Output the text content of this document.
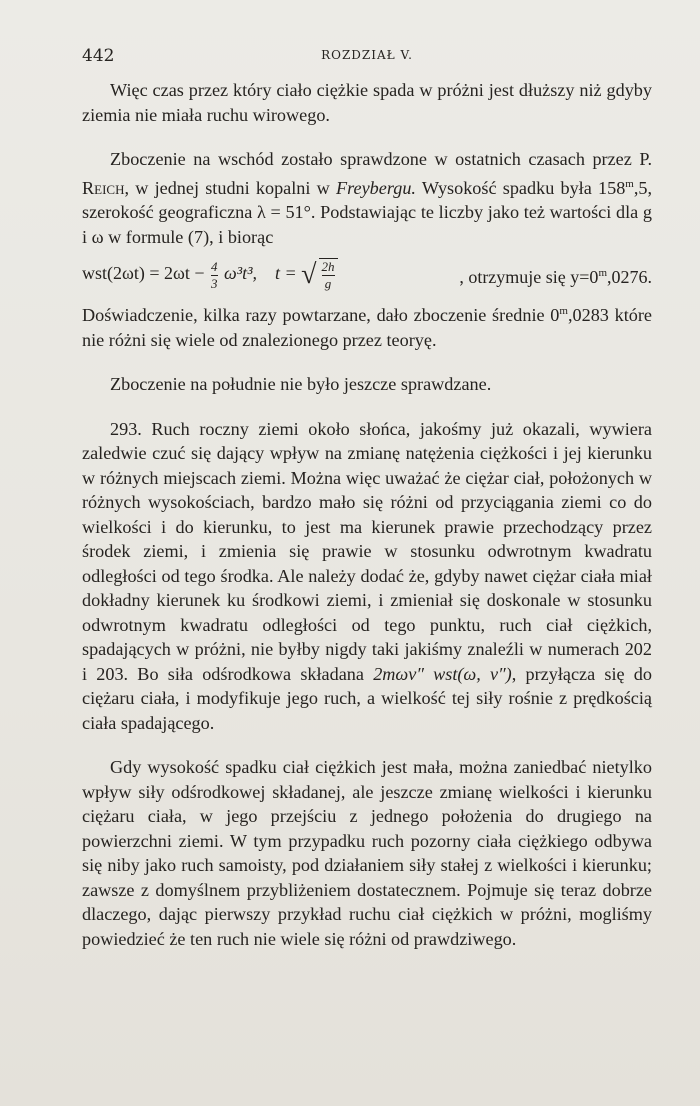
442	ROZDZIAŁ V.

Więc czas przez który ciało ciężkie spada w próżni jest dłuższy niż gdyby ziemia nie miała ruchu wirowego.

Zboczenie na wschód zostało sprawdzone w ostatnich czasach przez P. Reich, w jednej studni kopalni w Freybergu. Wysokość spadku była 158$^m$,5, szerokość geograficzna λ = 51°. Podstawiając te liczby jako też wartości dla g i ω w formule (7), i biorąc

$wst(2\omega t) = 2\omega t - \frac{4}{3} \omega^3t^3$, t = √ $\frac{2h}{g}$	, otrzymuje się $y=0^m,0276$.

Doświadczenie, kilka razy powtarzane, dało zboczenie średnie 0$^m$,0283 które nie różni się wiele od znalezionego przez teoryę.

Zboczenie na południe nie było jeszcze sprawdzane.

293. Ruch roczny ziemi około słońca, jakośmy już okazali, wywiera zaledwie czuć się dający wpływ na zmianę natężenia ciężkości i jej kierunku w różnych miejscach ziemi. Można więc uważać że ciężar ciał, położonych w różnych wysokościach, bardzo mało się różni od przyciągania ziemi co do wielkości i do kierunku, to jest ma kierunek prawie przechodzący przez środek ziemi, i zmienia się prawie w stosunku odwrotnym kwadratu odległości od tego środka. Ale należy dodać że, gdyby nawet ciężar ciała miał dokładny kierunek ku środkowi ziemi, i zmieniał się doskonale w stosunku odwrotnym kwadratu odległości od tego punktu, ruch ciał ciężkich, spadających w próżni, nie byłby nigdy taki jakiśmy znaleźli w numerach 202 i 203. Bo siła odśrodkowa składana 2mωv″ wst(ω, v″), przyłącza się do ciężaru ciała, i modyfikuje jego ruch, a wielkość tej siły rośnie z prędkością ciała spadającego.

Gdy wysokość spadku ciał ciężkich jest mała, można zaniedbać nietylko wpływ siły odśrodkowej składanej, ale jeszcze zmianę wielkości i kierunku ciężaru ciała, w jego przejściu z jednego położenia do drugiego na powierzchni ziemi. W tym przypadku ruch pozorny ciała ciężkiego odbywa się niby jako ruch samoisty, pod działaniem siły stałej z wielkości i kierunku; zawsze z domyślnem przybliżeniem dostatecznem. Pojmuje się teraz dobrze dlaczego, dając pierwszy przykład ruchu ciał ciężkich w próżni, mogliśmy powiedzieć że ten ruch nie wiele się różni od prawdziwego.
